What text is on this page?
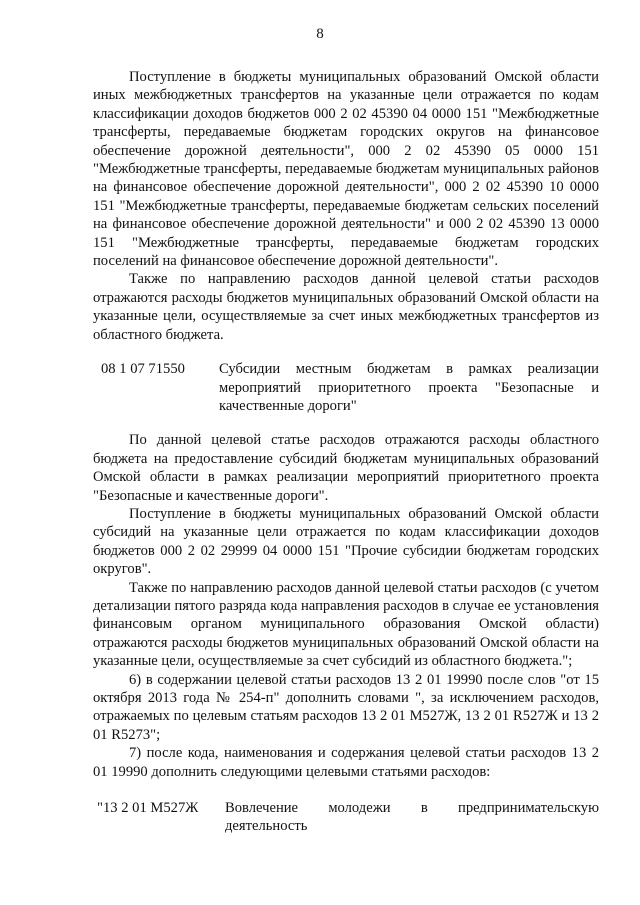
8

Поступление в бюджеты муниципальных образований Омской области иных межбюджетных трансфертов на указанные цели отражается по кодам классификации доходов бюджетов 000 2 02 45390 04 0000 151 "Межбюджетные трансферты, передаваемые бюджетам городских округов на финансовое обеспечение дорожной деятельности", 000 2 02 45390 05 0000 151 "Межбюджетные трансферты, передаваемые бюджетам муниципальных районов на финансовое обеспечение дорожной деятельности", 000 2 02 45390 10 0000 151 "Межбюджетные трансферты, передаваемые бюджетам сельских поселений на финансовое обеспечение дорожной деятельности" и 000 2 02 45390 13 0000 151 "Межбюджетные трансферты, передаваемые бюджетам городских поселений на финансовое обеспечение дорожной деятельности".

Также по направлению расходов данной целевой статьи расходов отражаются расходы бюджетов муниципальных образований Омской области на указанные цели, осуществляемые за счет иных межбюджетных трансфертов из областного бюджета.

08 1 07 71550	Субсидии местным бюджетам в рамках реализации мероприятий приоритетного проекта "Безопасные и качественные дороги"

По данной целевой статье расходов отражаются расходы областного бюджета на предоставление субсидий бюджетам муниципальных образований Омской области в рамках реализации мероприятий приоритетного проекта "Безопасные и качественные дороги".

Поступление в бюджеты муниципальных образований Омской области субсидий на указанные цели отражается по кодам классификации доходов бюджетов 000 2 02 29999 04 0000 151 "Прочие субсидии бюджетам городских округов".

Также по направлению расходов данной целевой статьи расходов (с учетом детализации пятого разряда кода направления расходов в случае ее установления финансовым органом муниципального образования Омской области) отражаются расходы бюджетов муниципальных образований Омской области на указанные цели, осуществляемые за счет субсидий из областного бюджета.";

6) в содержании целевой статьи расходов 13 2 01 19990 после слов "от 15 октября 2013 года № 254-п" дополнить словами ", за исключением расходов, отражаемых по целевым статьям расходов 13 2 01 М527Ж, 13 2 01 R527Ж и 13 2 01 R5273";

7) после кода, наименования и содержания целевой статьи расходов 13 2 01 19990 дополнить следующими целевыми статьями расходов:

"13 2 01 М527Ж	Вовлечение молодежи в предпринимательскую деятельность
